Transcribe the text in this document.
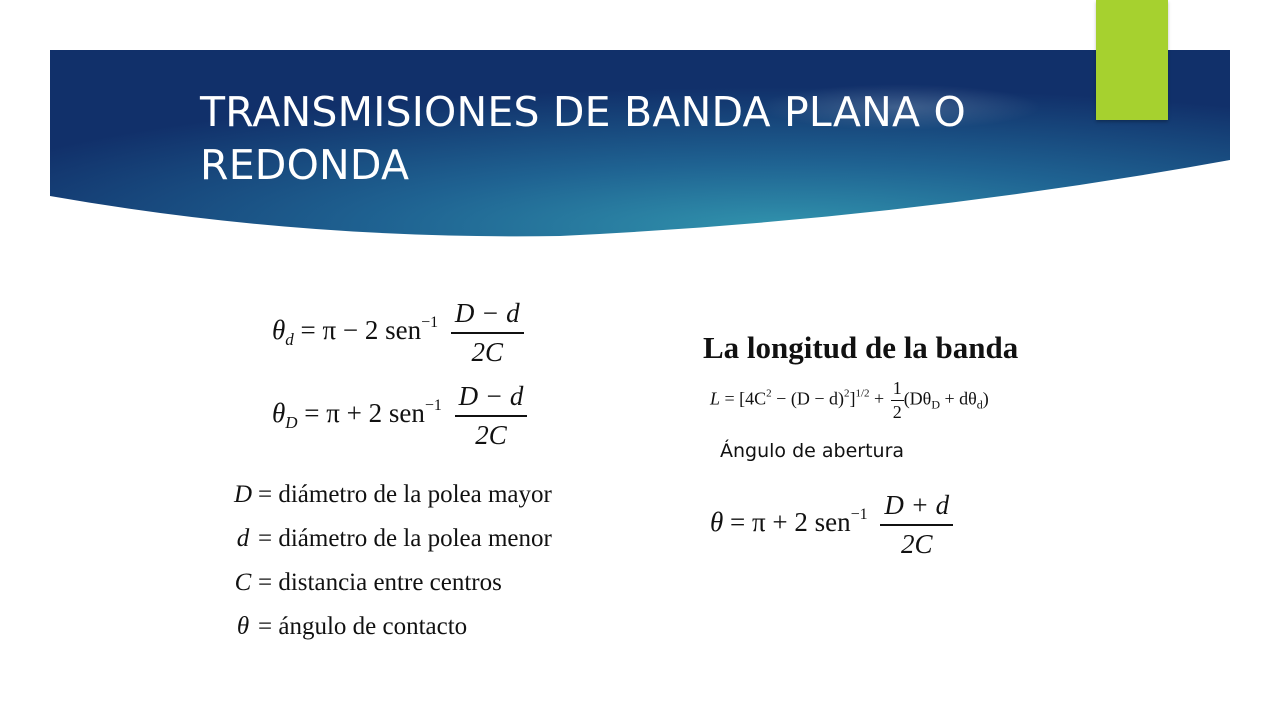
TRANSMISIONES DE BANDA PLANA O REDONDA
$\theta_d = \pi - 2$ $sen^{-1} \frac{D - d}{2C}$
$\theta_D = \pi + 2$ $sen^{-1} \frac{D - d}{2C}$
D = diámetro de la polea mayor
d = diámetro de la polea menor
C = distancia entre centros
θ = ángulo de contacto
La longitud de la banda
$L = [4C^2 - (D - d)^2]^{1/2} + \frac{1}{2} (D\theta_D + d\theta_d)$
Ángulo de abertura
θ = π + 2 $sen^{-1} \frac{D + d}{2C}$
